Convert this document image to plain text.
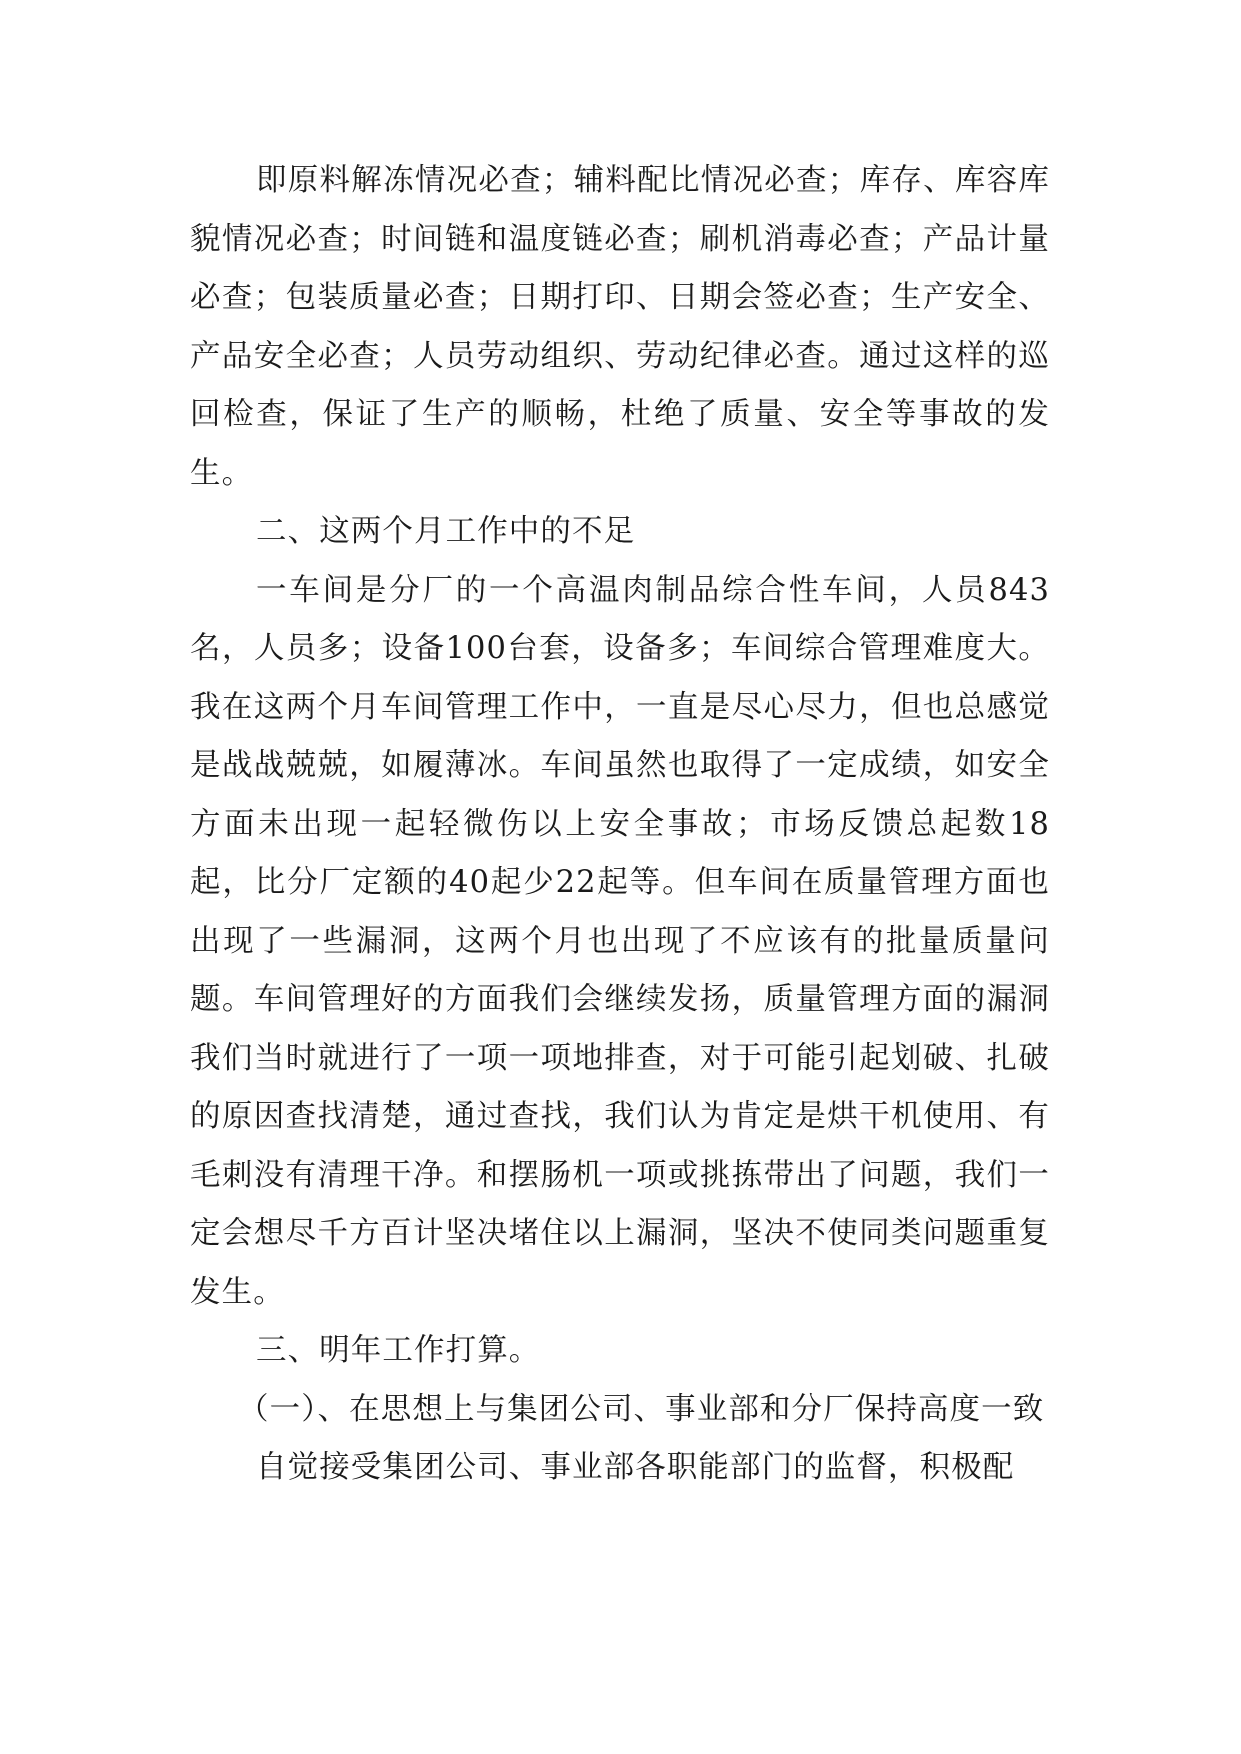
即原料解冻情况必查；辅料配比情况必查；库存、库容库貌情况必查；时间链和温度链必查；刷机消毒必查；产品计量必查；包装质量必查；日期打印、日期会签必查；生产安全、产品安全必查；人员劳动组织、劳动纪律必查。通过这样的巡回检查，保证了生产的顺畅，杜绝了质量、安全等事故的发生。

二、这两个月工作中的不足

一车间是分厂的一个高温肉制品综合性车间，人员843名，人员多；设备100台套，设备多；车间综合管理难度大。我在这两个月车间管理工作中，一直是尽心尽力，但也总感觉是战战兢兢，如履薄冰。车间虽然也取得了一定成绩，如安全方面未出现一起轻微伤以上安全事故；市场反馈总起数18起，比分厂定额的40起少22起等。但车间在质量管理方面也出现了一些漏洞，这两个月也出现了不应该有的批量质量问题。车间管理好的方面我们会继续发扬，质量管理方面的漏洞我们当时就进行了一项一项地排查，对于可能引起划破、扎破的原因查找清楚，通过查找，我们认为肯定是烘干机使用、有毛刺没有清理干净。和摆肠机一项或挑拣带出了问题，我们一定会想尽千方百计坚决堵住以上漏洞，坚决不使同类问题重复发生。

三、明年工作打算。

（一）、在思想上与集团公司、事业部和分厂保持高度一致

自觉接受集团公司、事业部各职能部门的监督，积极配
